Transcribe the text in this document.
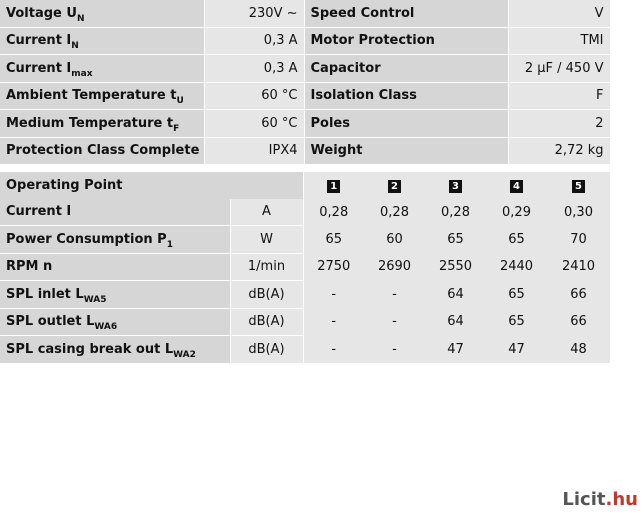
Voltage $U_N$	230V ~	Speed Control	V
Current $I_N$	0,3 A	Motor Protection	TMI
Current $I_{max}$	0,3 A	Capacitor	2 µF / 450 V
Ambient Temperature $t_U$	60 °C	Isolation Class	F
Medium Temperature $t_F$	60 °C	Poles	2
Protection Class Complete	IPX4	Weight	2,72 kg
Operating Point		1	2	3	4	5
Current I	A	0,28	0,28	0,28	0,29	0,30
Power Consumption $P_1$	W	65	60	65	65	70
RPM n	1/min	2750	2690	2550	2440	2410
SPL inlet $L_{WA5}$	dB(A)	-	-	64	65	66
SPL outlet $L_{WA6}$	dB(A)	-	-	64	65	66
SPL casing break out $L_{WA2}$	dB(A)	-	-	47	47	48
Licit.hu
